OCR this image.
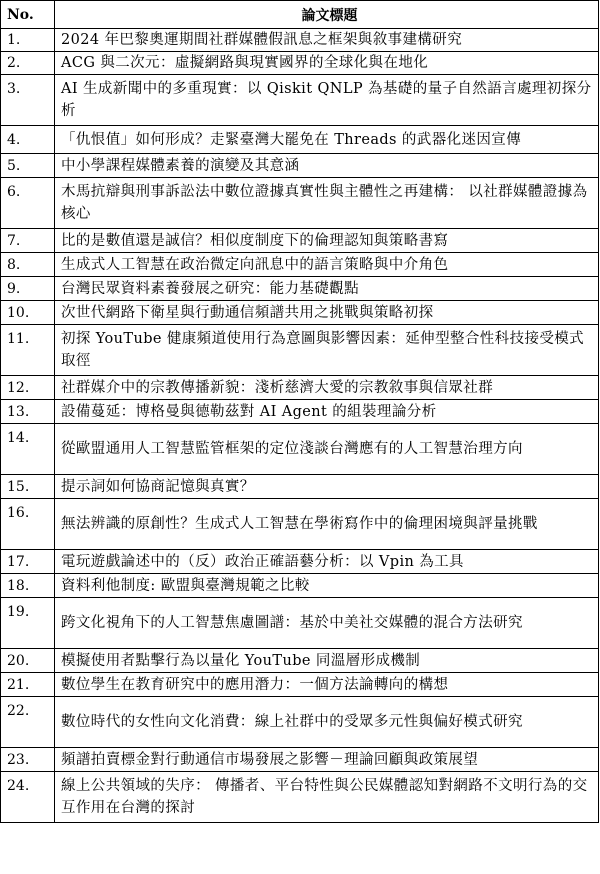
No.	論文標題
1.	2024 年巴黎奧運期間社群媒體假訊息之框架與敘事建構研究
2.	ACG 與二次元：虛擬網路與現實國界的全球化與在地化
3.	AI 生成新聞中的多重現實：以 Qiskit QNLP 為基礎的量子自然語言處理初探分析
4.	「仇恨值」如何形成？走緊臺灣大罷免在 Threads 的武器化迷因宣傳
5.	中小學課程媒體素養的演變及其意涵
6.	木馬抗辯與刑事訴訟法中數位證據真實性與主體性之再建構： 以社群媒體證據為核心
7.	比的是數值還是誠信？相似度制度下的倫理認知與策略書寫
8.	生成式人工智慧在政治微定向訊息中的語言策略與中介角色
9.	台灣民眾資料素養發展之研究：能力基礎觀點
10.	次世代網路下衛星與行動通信頻譜共用之挑戰與策略初探
11.	初探 YouTube 健康頻道使用行為意圖與影響因素：延伸型整合性科技接受模式取徑
12.	社群媒介中的宗教傳播新貌：淺析慈濟大愛的宗教敘事與信眾社群
13.	設備蔓延：博格曼與德勒茲對 AI Agent 的組裝理論分析
14.	從歐盟通用人工智慧監管框架的定位淺談台灣應有的人工智慧治理方向
15.	提示詞如何協商記憶與真實？
16.	無法辨識的原創性？生成式人工智慧在學術寫作中的倫理困境與評量挑戰
17.	電玩遊戲論述中的（反）政治正確語藝分析：以 Vpin 為工具
18.	資料利他制度: 歐盟與臺灣規範之比較
19.	跨文化視角下的人工智慧焦慮圖譜：基於中美社交媒體的混合方法研究
20.	模擬使用者點擊行為以量化 YouTube 同溫層形成機制
21.	數位學生在教育研究中的應用潛力：一個方法論轉向的構想
22.	數位時代的女性向文化消費：線上社群中的受眾多元性與偏好模式研究
23.	頻譜拍賣標金對行動通信市場發展之影響－理論回顧與政策展望
24.	線上公共領域的失序： 傳播者、平台特性與公民媒體認知對網路不文明行為的交互作用在台灣的探討
